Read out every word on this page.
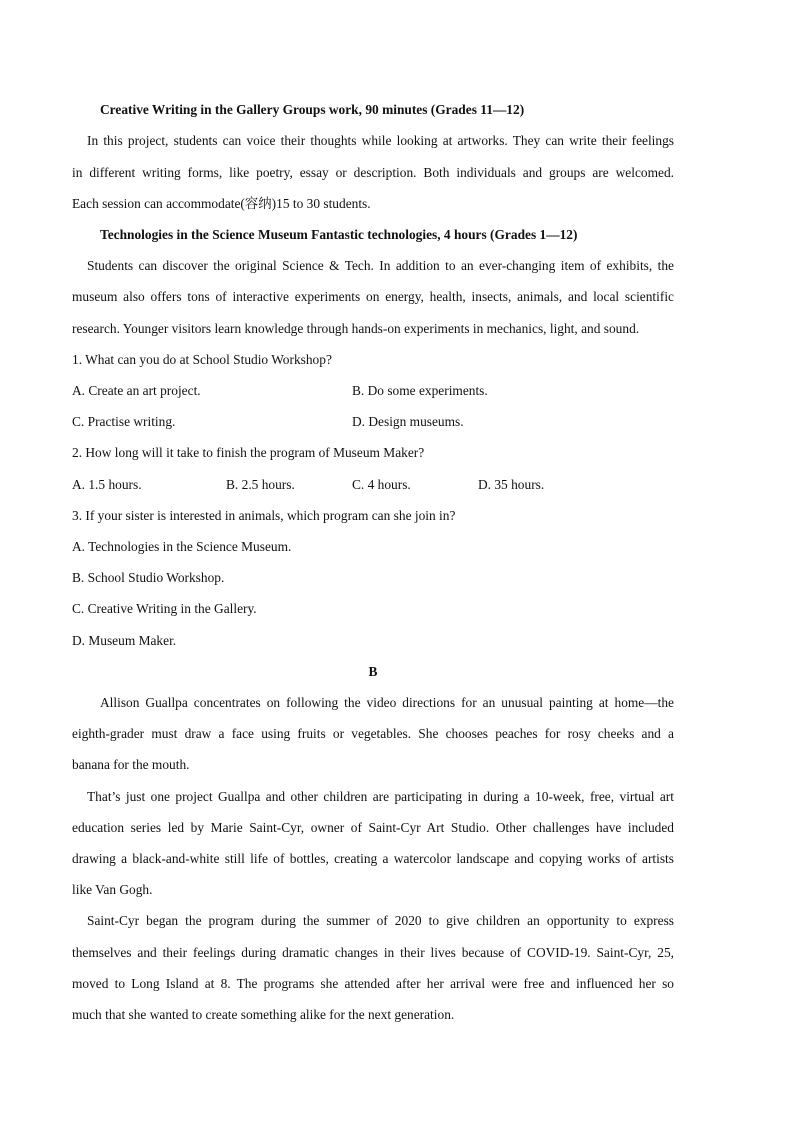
Creative Writing in the Gallery Groups work, 90 minutes (Grades 11—12)
In this project, students can voice their thoughts while looking at artworks. They can write their feelings
in different writing forms, like poetry, essay or description. Both individuals and groups are welcomed.
Each session can accommodate(容纳)15 to 30 students.
Technologies in the Science Museum Fantastic technologies, 4 hours (Grades 1—12)
Students can discover the original Science & Tech. In addition to an ever-changing item of exhibits, the
museum also offers tons of interactive experiments on energy, health, insects, animals, and local scientific
research. Younger visitors learn knowledge through hands-on experiments in mechanics, light, and sound.
1. What can you do at School Studio Workshop?
A. Create an art project.	B. Do some experiments.
C. Practise writing.	D. Design museums.
2. How long will it take to finish the program of Museum Maker?
A. 1.5 hours.	B. 2.5 hours.	C. 4 hours.	D. 35 hours.
3. If your sister is interested in animals, which program can she join in?
A. Technologies in the Science Museum.
B. School Studio Workshop.
C. Creative Writing in the Gallery.
D. Museum Maker.
B
Allison Guallpa concentrates on following the video directions for an unusual painting at home—the
eighth-grader must draw a face using fruits or vegetables. She chooses peaches for rosy cheeks and a
banana for the mouth.
That’s just one project Guallpa and other children are participating in during a 10-week, free, virtual art
education series led by Marie Saint-Cyr, owner of Saint-Cyr Art Studio. Other challenges have included
drawing a black-and-white still life of bottles, creating a watercolor landscape and copying works of artists
like Van Gogh.
Saint-Cyr began the program during the summer of 2020 to give children an opportunity to express
themselves and their feelings during dramatic changes in their lives because of COVID-19. Saint-Cyr, 25,
moved to Long Island at 8. The programs she attended after her arrival were free and influenced her so
much that she wanted to create something alike for the next generation.
